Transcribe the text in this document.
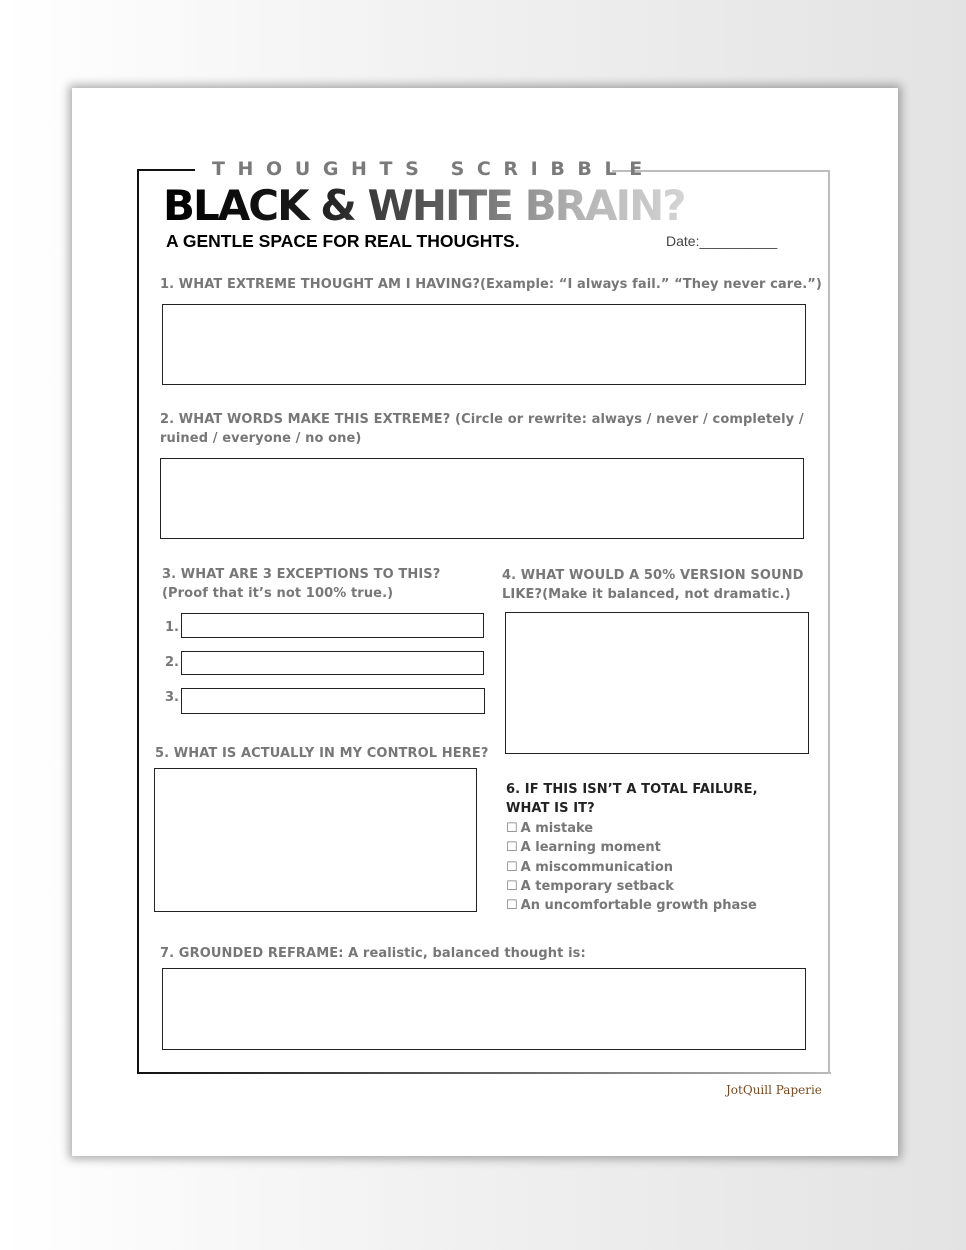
THOUGHTS SCRIBBLE
BLACK & WHITE BRAIN?
A GENTLE SPACE FOR REAL THOUGHTS.	Date:__________
1. WHAT EXTREME THOUGHT AM I HAVING?(Example: “I always fail.” “They never care.”)
2. WHAT WORDS MAKE THIS EXTREME? (Circle or rewrite: always / never / completely /
ruined / everyone / no one)
3. WHAT ARE 3 EXCEPTIONS TO THIS?
(Proof that it’s not 100% true.)
1.
2.
3.
4. WHAT WOULD A 50% VERSION SOUND
LIKE?(Make it balanced, not dramatic.)
5. WHAT IS ACTUALLY IN MY CONTROL HERE?
6. IF THIS ISN’T A TOTAL FAILURE,
WHAT IS IT?
☐ A mistake
☐ A learning moment
☐ A miscommunication
☐ A temporary setback
☐ An uncomfortable growth phase
7. GROUNDED REFRAME: A realistic, balanced thought is:
JotQuill Paperie
